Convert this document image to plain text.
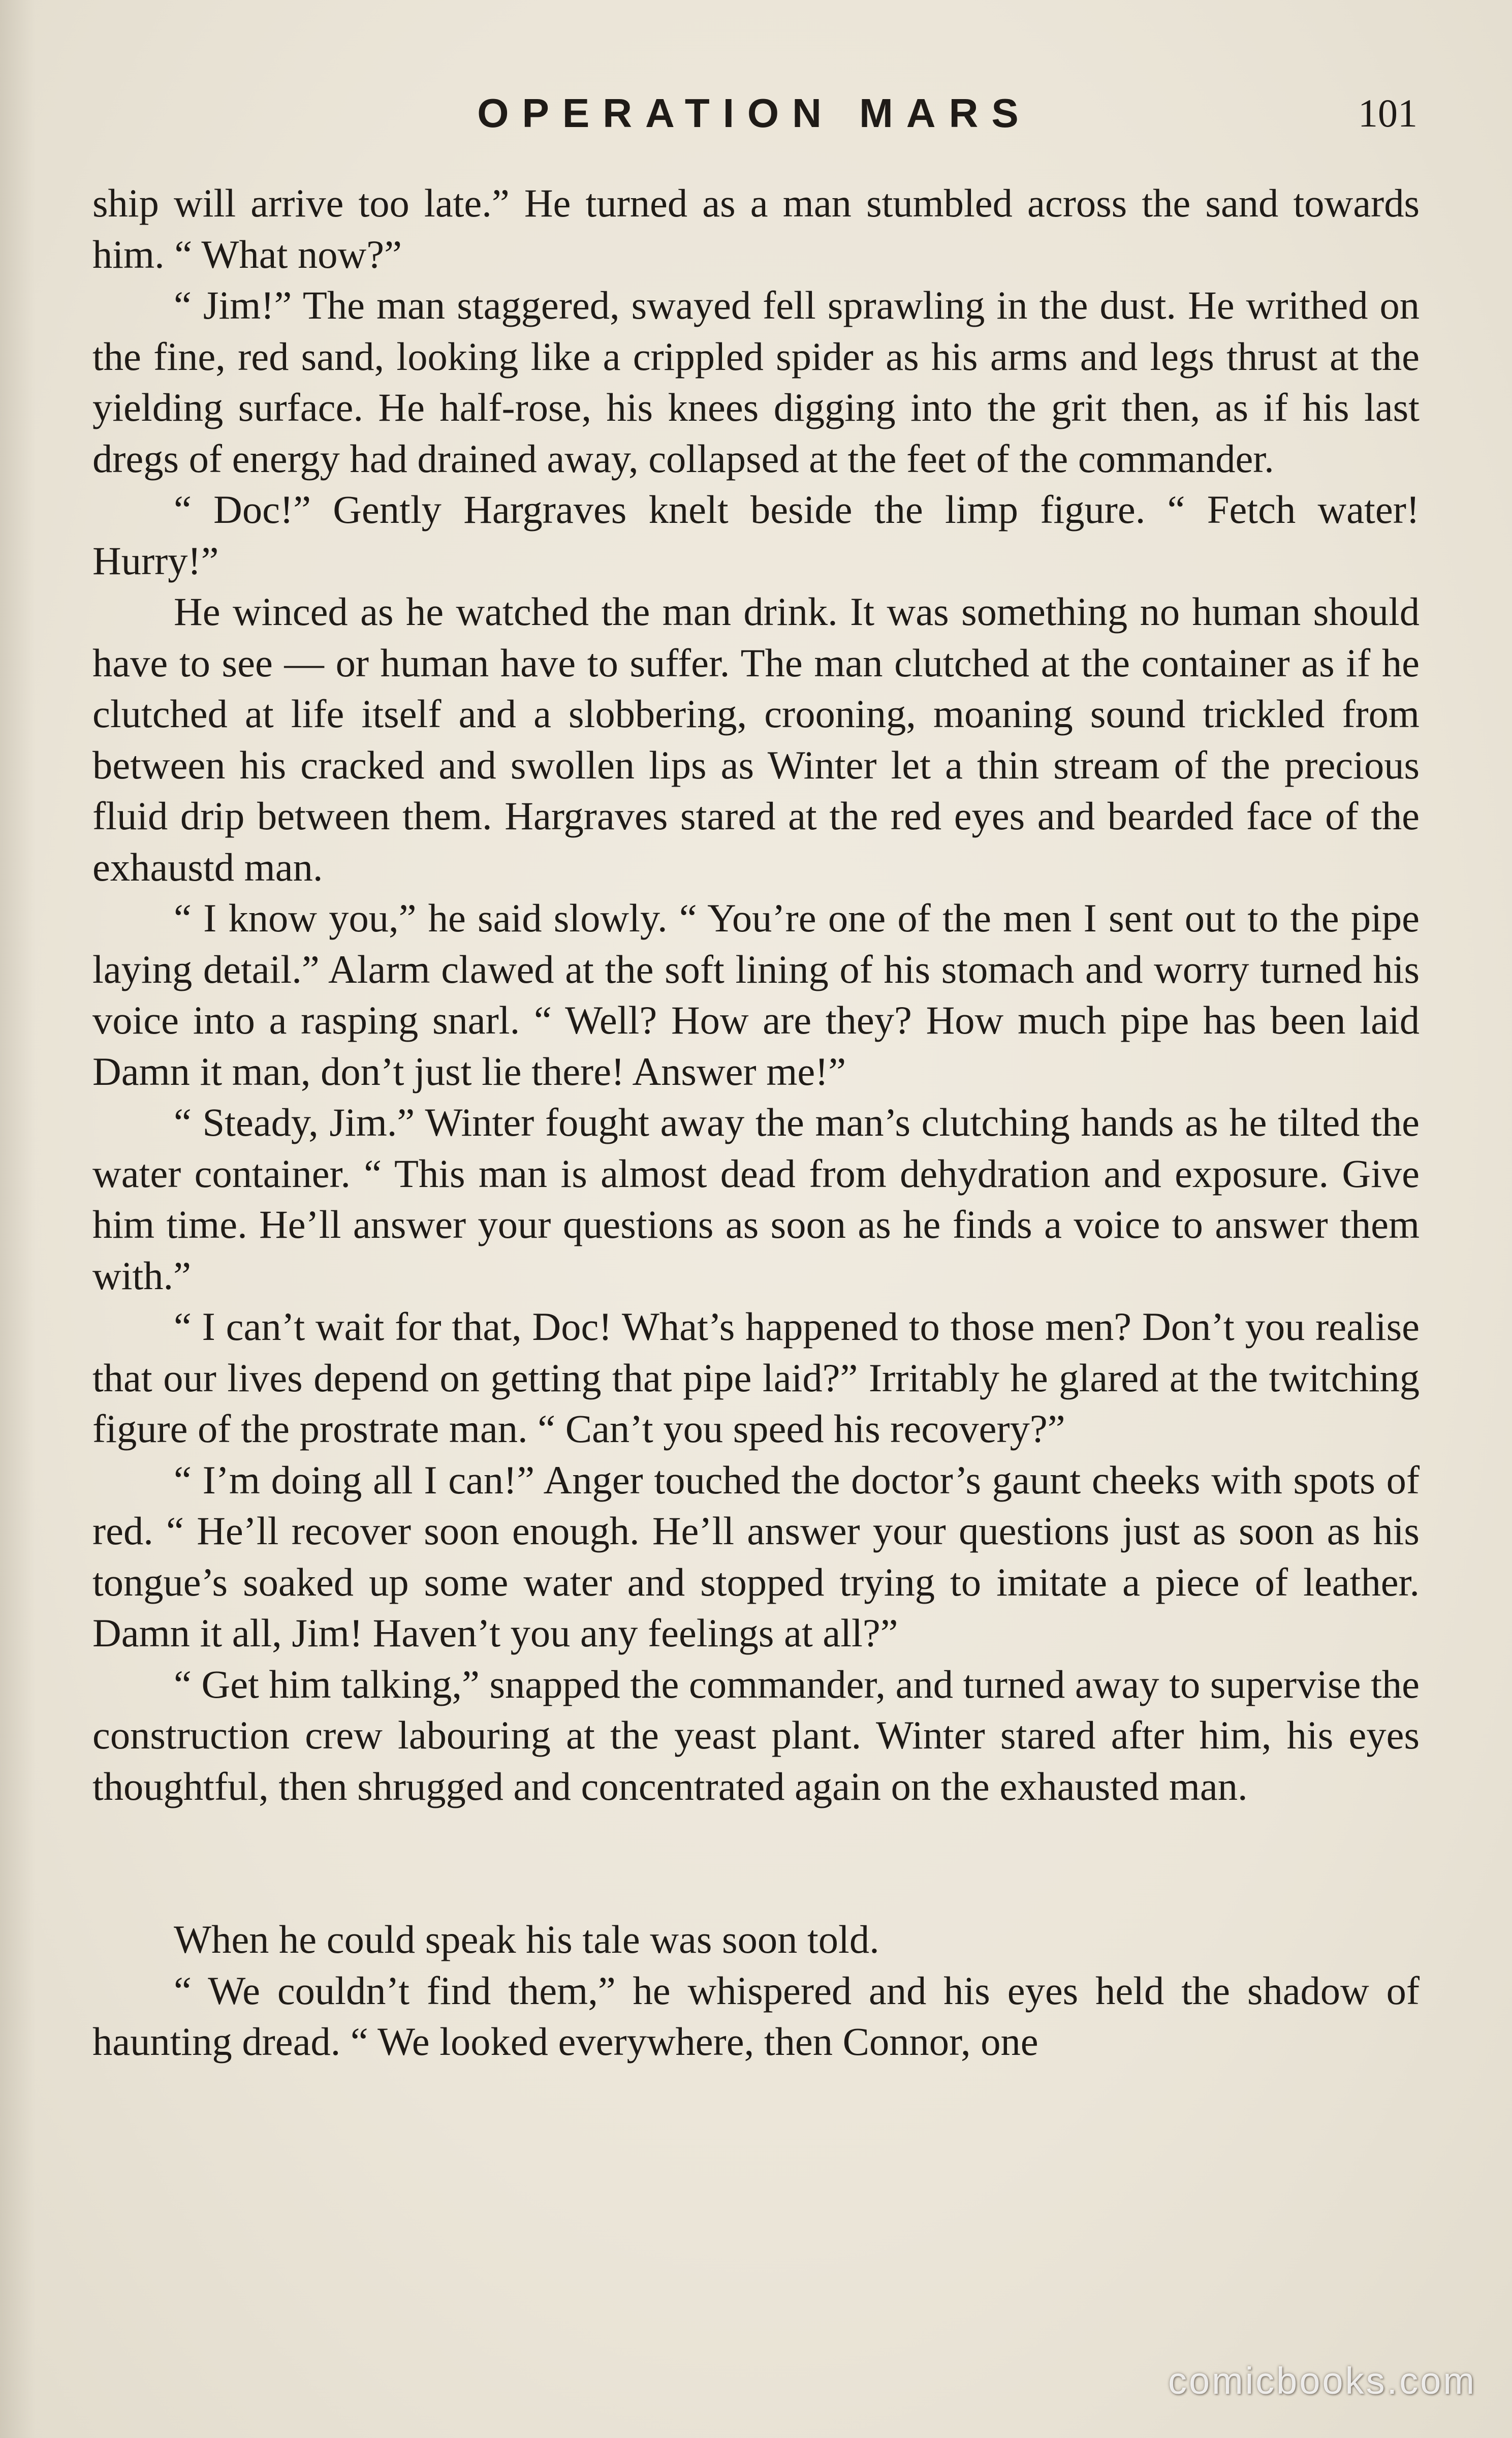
OPERATION MARS	101

ship will arrive too late.” He turned as a man stumbled across the sand towards him. “ What now?”

“ Jim!” The man staggered, swayed fell sprawling in the dust. He writhed on the fine, red sand, looking like a crippled spider as his arms and legs thrust at the yielding surface. He half-rose, his knees digging into the grit then, as if his last dregs of energy had drained away, collapsed at the feet of the commander.

“ Doc!” Gently Hargraves knelt beside the limp figure. “ Fetch water! Hurry!”

He winced as he watched the man drink. It was something no human should have to see — or human have to suffer. The man clutched at the container as if he clutched at life itself and a slobbering, crooning, moaning sound trickled from between his cracked and swollen lips as Winter let a thin stream of the precious fluid drip between them. Hargraves stared at the red eyes and bearded face of the exhaustd man.

“ I know you,” he said slowly. “ You’re one of the men I sent out to the pipe laying detail.” Alarm clawed at the soft lining of his stomach and worry turned his voice into a rasping snarl. “ Well? How are they? How much pipe has been laid Damn it man, don’t just lie there! Answer me!”

“ Steady, Jim.” Winter fought away the man’s clutching hands as he tilted the water container. “ This man is almost dead from dehydration and exposure. Give him time. He’ll answer your questions as soon as he finds a voice to answer them with.”

“ I can’t wait for that, Doc! What’s happened to those men? Don’t you realise that our lives depend on getting that pipe laid?” Irritably he glared at the twitching figure of the prostrate man. “ Can’t you speed his recovery?”

“ I’m doing all I can!” Anger touched the doctor’s gaunt cheeks with spots of red. “ He’ll recover soon enough. He’ll answer your questions just as soon as his tongue’s soaked up some water and stopped trying to imitate a piece of leather. Damn it all, Jim! Haven’t you any feelings at all?”

“ Get him talking,” snapped the commander, and turned away to supervise the construction crew labouring at the yeast plant. Winter stared after him, his eyes thoughtful, then shrugged and concentrated again on the exhausted man.

When he could speak his tale was soon told.

“ We couldn’t find them,” he whispered and his eyes held the shadow of haunting dread. “ We looked everywhere, then Connor, one

comicbooks.com
